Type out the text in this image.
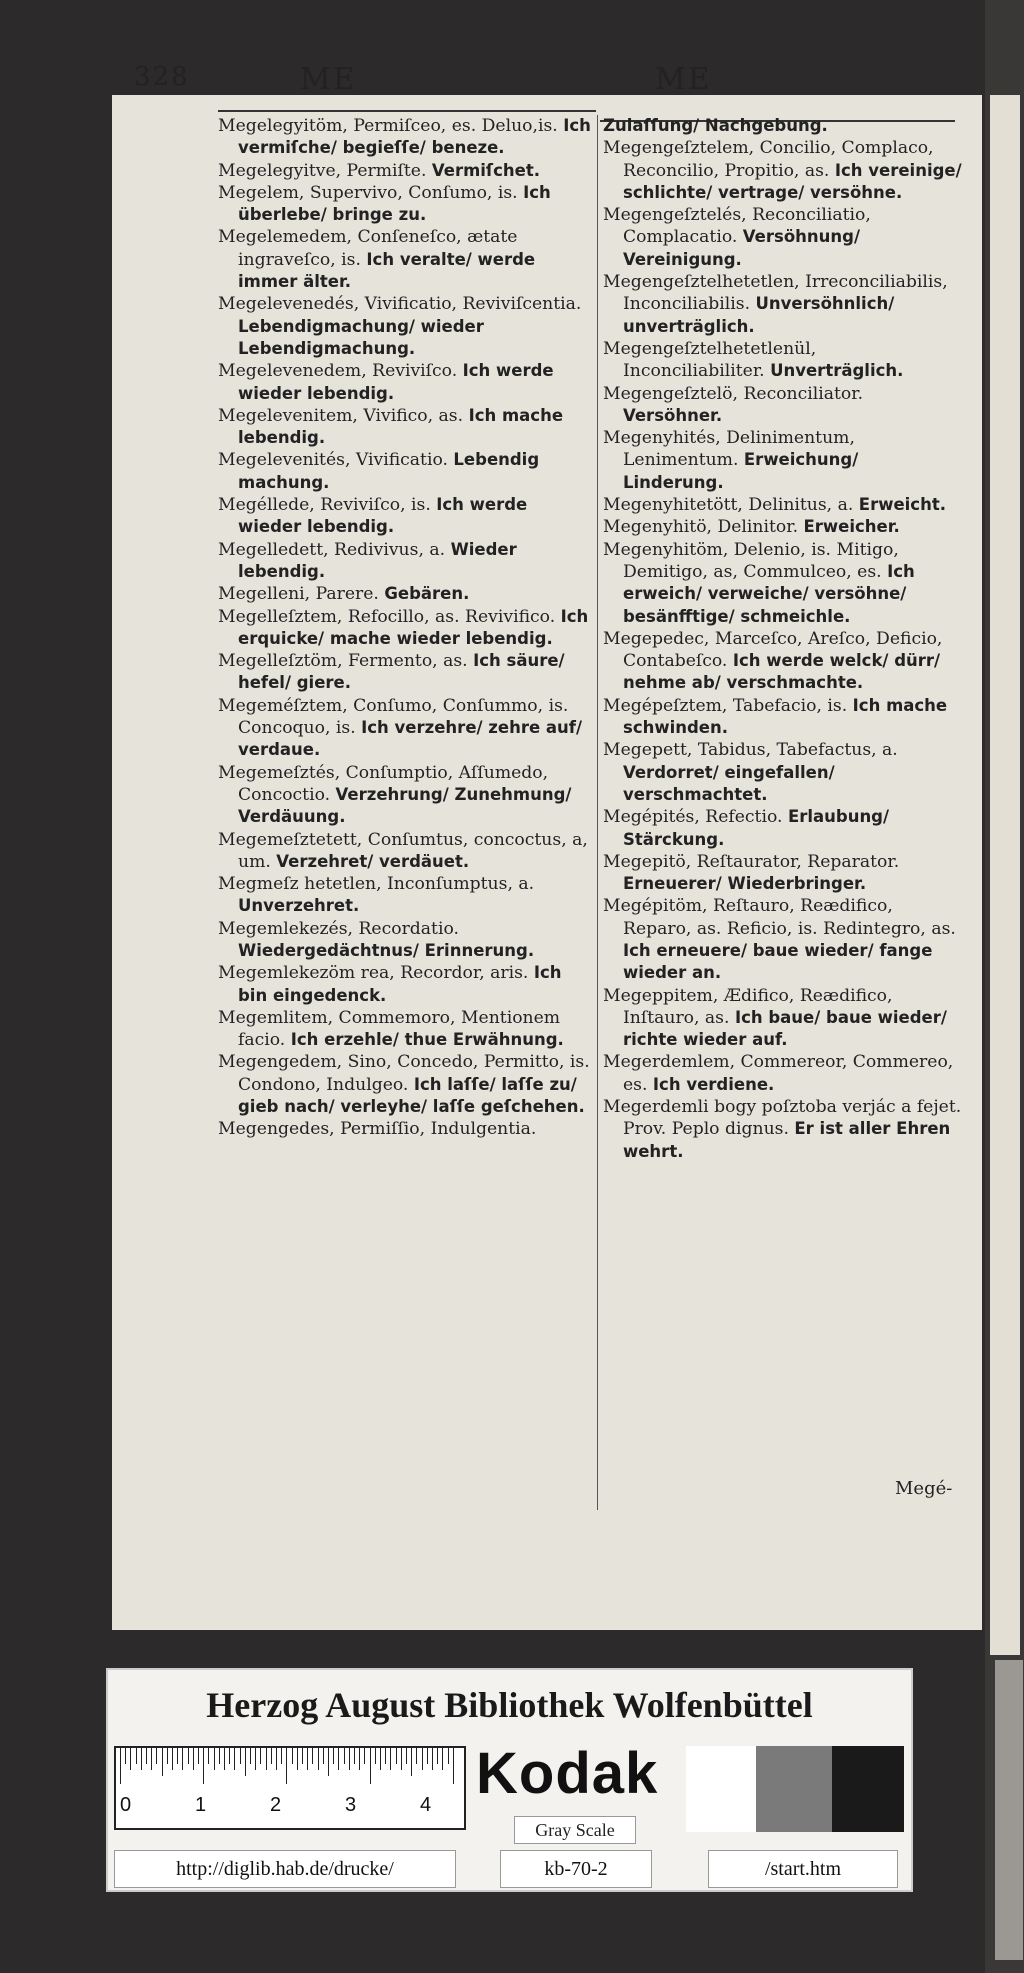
328	ME	ME
Megelegyitöm, Permiſceo, es. Deluo,is. Ich vermiſche/ begieſſe/ beneze.
Megelegyitve, Permiſte. Vermiſchet.
Megelem, Supervivo, Conſumo, is. Ich überlebe/ bringe zu.
Megelemedem, Conſeneſco, ætate ingraveſco, is. Ich veralte/ werde immer älter.
Megelevenedés, Vivificatio, Reviviſcentia. Lebendigmachung/ wieder Lebendigmachung.
Megelevenedem, Reviviſco. Ich werde wieder lebendig.
Megelevenitem, Vivifico, as. Ich mache lebendig.
Megelevenités, Vivificatio. Lebendig machung.
Megéllede, Reviviſco, is. Ich werde wieder lebendig.
Megelledett, Redivivus, a. Wieder lebendig.
Megelleni, Parere. Gebären.
Megelleſztem, Refocillo, as. Revivifico. Ich erquicke/ mache wieder lebendig.
Megelleſztöm, Fermento, as. Ich säure/ hefel/ giere.
Megeméſztem, Conſumo, Conſummo, is. Concoquo, is. Ich verzehre/ zehre auf/ verdaue.
Megemeſztés, Conſumptio, Aſſumedo, Concoctio. Verzehrung/ Zunehmung/ Verdäuung.
Megemeſztetett, Conſumtus, concoctus, a, um. Verzehret/ verdäuet.
Megmeſz hetetlen, Inconſumptus, a. Unverzehret.
Megemlekezés, Recordatio. Wiedergedächtnus/ Erinnerung.
Megemlekezöm rea, Recordor, aris. Ich bin eingedenck.
Megemlitem, Commemoro, Mentionem facio. Ich erzehle/ thue Erwähnung.
Megengedem, Sino, Concedo, Permitto, is. Condono, Indulgeo. Ich laſſe/ laſſe zu/ gieb nach/ verleyhe/ laſſe geſchehen.
Megengedes, Permiſſio, Indulgentia.
Zulaſſung/ Nachgebung.
Megengeſztelem, Concilio, Complaco, Reconcilio, Propitio, as. Ich vereinige/ schlichte/ vertrage/ versöhne.
Megengeſztelés, Reconciliatio, Complacatio. Versöhnung/ Vereinigung.
Megengeſztelhetetlen, Irreconciliabilis, Inconciliabilis. Unversöhnlich/ unverträglich.
Megengeſztelhetetlenül, Inconciliabiliter. Unverträglich.
Megengeſztelö, Reconciliator. Versöhner.
Megenyhités, Delinimentum, Lenimentum. Erweichung/ Linderung.
Megenyhitetött, Delinitus, a. Erweicht.
Megenyhitö, Delinitor. Erweicher.
Megenyhitöm, Delenio, is. Mitigo, Demitigo, as, Commulceo, es. Ich erweich/ verweiche/ versöhne/ besänfftige/ schmeichle.
Megepedec, Marceſco, Areſco, Deficio, Contabeſco. Ich werde welck/ dürr/ nehme ab/ verschmachte.
Megépeſztem, Tabefacio, is. Ich mache schwinden.
Megepett, Tabidus, Tabefactus, a. Verdorret/ eingefallen/ verschmachtet.
Megépités, Refectio. Erlaubung/ Stärckung.
Megepitö, Reſtaurator, Reparator. Erneuerer/ Wiederbringer.
Megépitöm, Reſtauro, Reædifico, Reparo, as. Reficio, is. Redintegro, as. Ich erneuere/ baue wieder/ fange wieder an.
Megeppitem, Ædifico, Reædifico, Inſtauro, as. Ich baue/ baue wieder/ richte wieder auf.
Megerdemlem, Commereor, Commereo, es. Ich verdiene.
Megerdemli bogy poſztoba verjác a fejet. Prov. Peplo dignus. Er ist aller Ehren wehrt.
Megé-
Herzog August Bibliothek Wolfenbüttel
0	1	2	3	4 Kodak
Gray Scale
http://diglib.hab.de/drucke/	kb-70-2	/start.htm
